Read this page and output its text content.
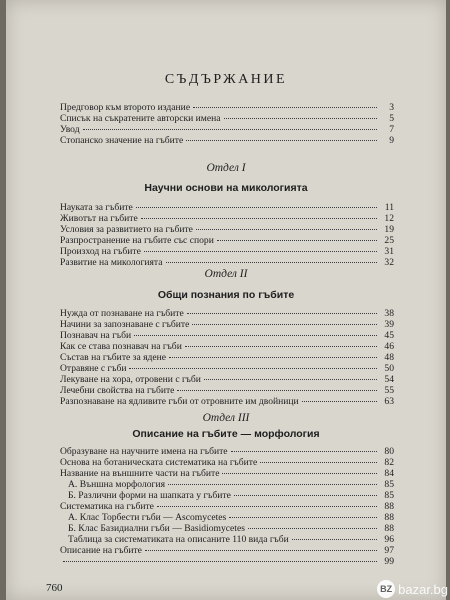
СЪДЪРЖАНИЕ
Предговор към второто издание	3
Списък на съкратените авторски имена	5
Увод	7
Стопанско значение на гъбите	9
Отдел I
Научни основи на микологията
Науката за гъбите	11
Животът на гъбите	12
Условия за развитието на гъбите	19
Разпространение на гъбите със спори	25
Произход на гъбите	31
Развитие на микологията	32
Отдел II
Общи познания по гъбите
Нужда от познаване на гъбите	38
Начини за запознаване с гъбите	39
Познавач на гъби	45
Как се става познавач на гъби	46
Състав на гъбите за ядене	48
Отравяне с гъби	50
Лекуване на хора, отровени с гъби	54
Лечебни свойства на гъбите	55
Разпознаване на ядливите гъби от отровните им двойници	63
Отдел III
Описание на гъбите — морфология
Образуване на научните имена на гъбите	80
Основа на ботаническата систематика на гъбите	82
Название на външните части на гъбите	84
А. Външна морфология	85
Б. Различни форми на шапката у гъбите	85
Систематика на гъбите	88
А. Клас Торбести гъби — Ascomycetes	88
Б. Клас Базидиални гъби — Basidiomycetes	88
Таблица за систематиката на описаните 110 вида гъби	96
Описание на гъбите	97
99
760	BZ bazar.bg
